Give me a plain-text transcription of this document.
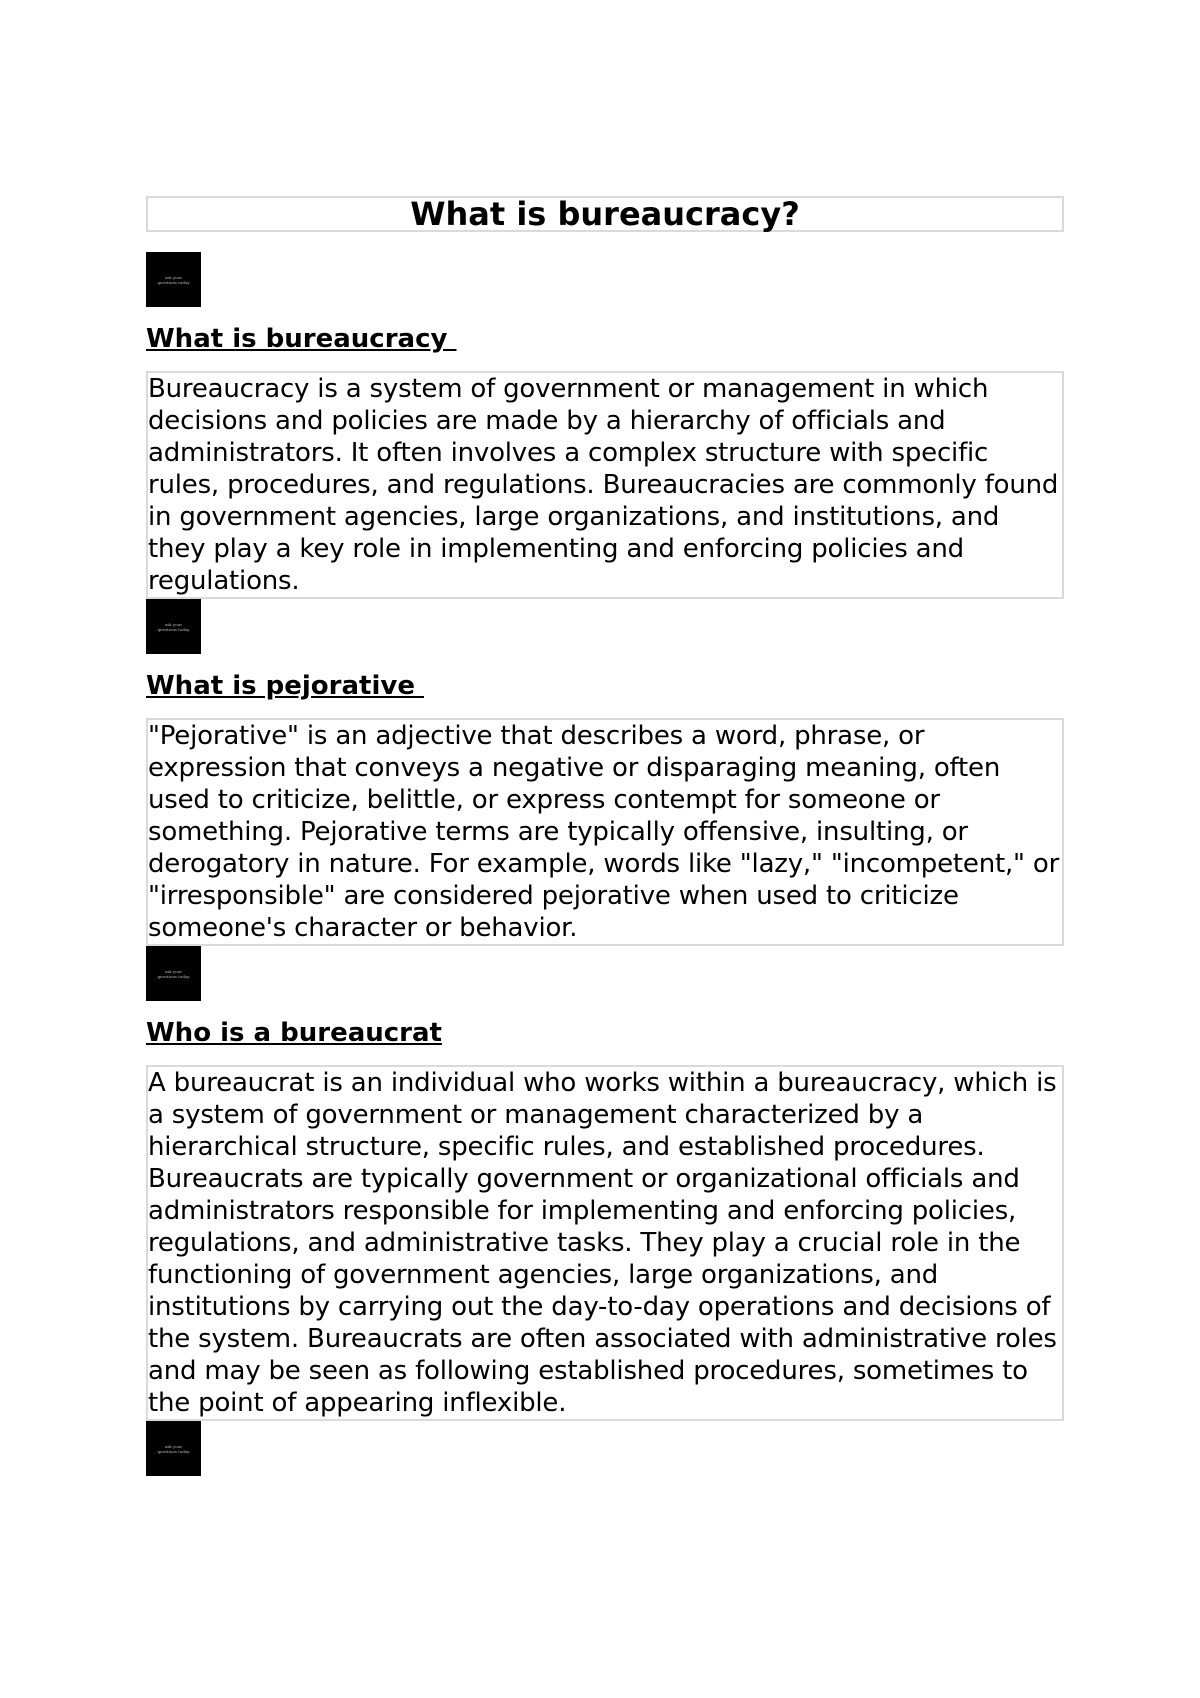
What is bureaucracy?
ask your
questions today
What is bureaucracy
Bureaucracy is a system of government or management in which decisions and policies are made by a hierarchy of officials and administrators. It often involves a complex structure with specific rules, procedures, and regulations. Bureaucracies are commonly found in government agencies, large organizations, and institutions, and they play a key role in implementing and enforcing policies and regulations.
ask your
questions today
What is pejorative
"Pejorative" is an adjective that describes a word, phrase, or expression that conveys a negative or disparaging meaning, often used to criticize, belittle, or express contempt for someone or something. Pejorative terms are typically offensive, insulting, or derogatory in nature. For example, words like "lazy," "incompetent," or "irresponsible" are considered pejorative when used to criticize someone's character or behavior.
ask your
questions today
Who is a bureaucrat
A bureaucrat is an individual who works within a bureaucracy, which is a system of government or management characterized by a hierarchical structure, specific rules, and established procedures. Bureaucrats are typically government or organizational officials and administrators responsible for implementing and enforcing policies, regulations, and administrative tasks. They play a crucial role in the functioning of government agencies, large organizations, and institutions by carrying out the day-to-day operations and decisions of the system. Bureaucrats are often associated with administrative roles and may be seen as following established procedures, sometimes to the point of appearing inflexible.
ask your
questions today
